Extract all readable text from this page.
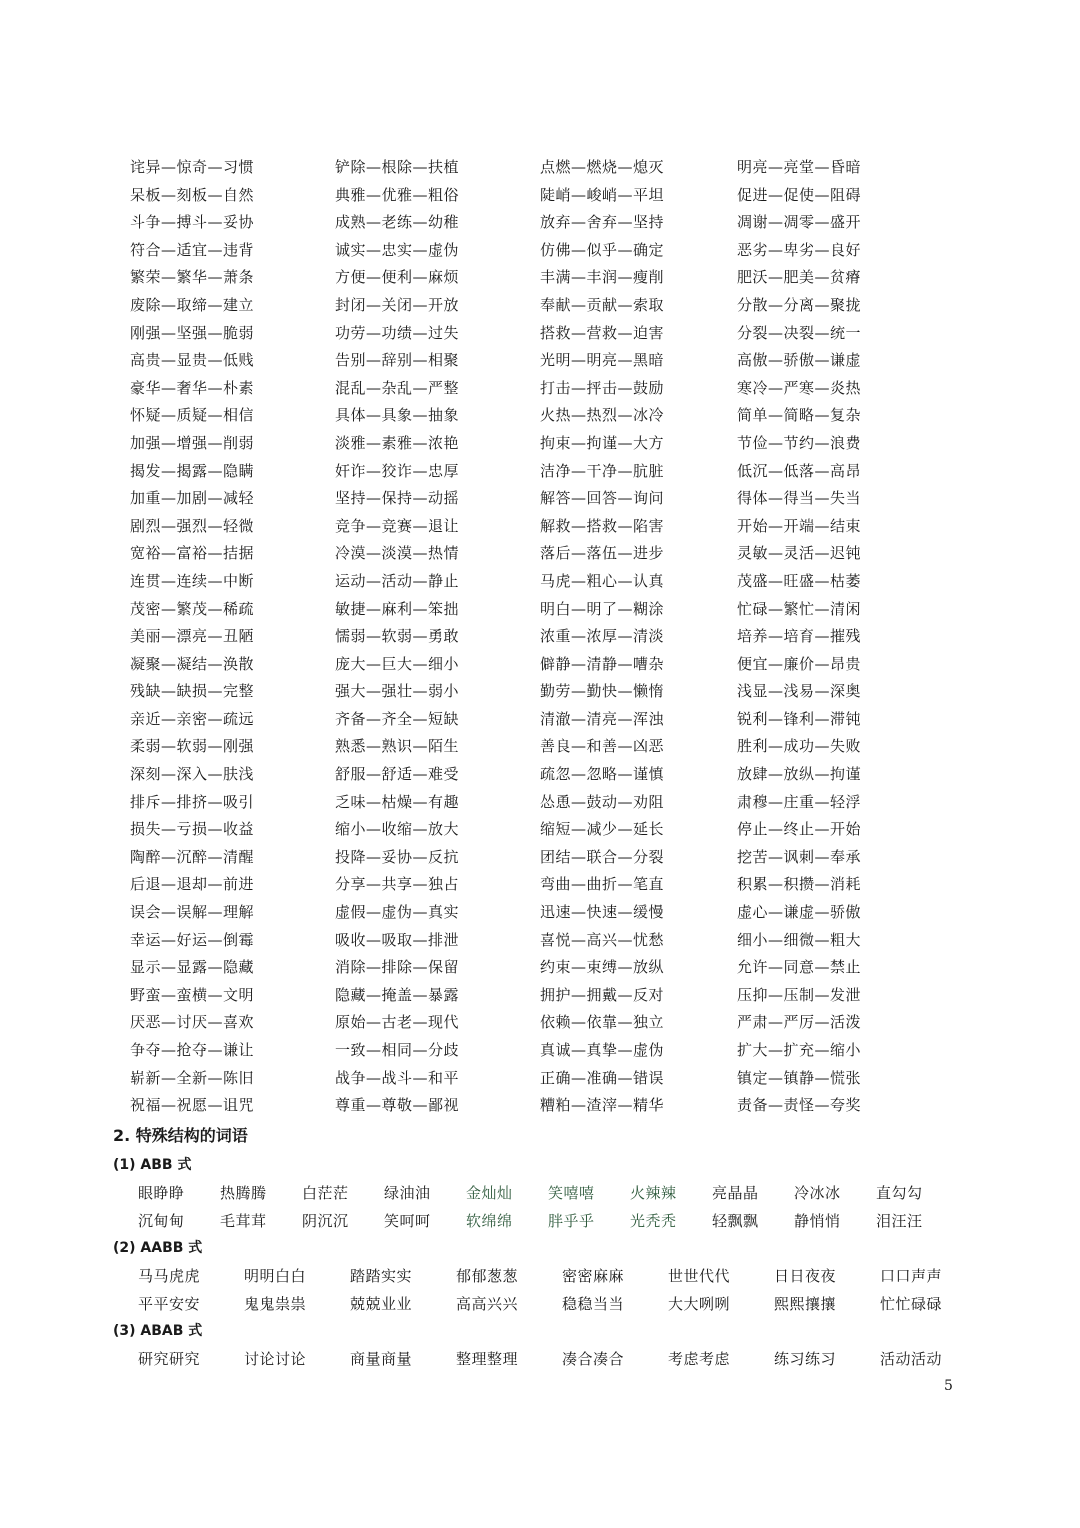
诧异—惊奇—习惯	铲除—根除—扶植	点燃—燃烧—熄灭	明亮—亮堂—昏暗
呆板—刻板—自然	典雅—优雅—粗俗	陡峭—峻峭—平坦	促进—促使—阻碍
斗争—搏斗—妥协	成熟—老练—幼稚	放弃—舍弃—坚持	凋谢—凋零—盛开
符合—适宜—违背	诚实—忠实—虚伪	仿佛—似乎—确定	恶劣—卑劣—良好
繁荣—繁华—萧条	方便—便利—麻烦	丰满—丰润—瘦削	肥沃—肥美—贫瘠
废除—取缔—建立	封闭—关闭—开放	奉献—贡献—索取	分散—分离—聚拢
刚强—坚强—脆弱	功劳—功绩—过失	搭救—营救—迫害	分裂—决裂—统一
高贵—显贵—低贱	告别—辞别—相聚	光明—明亮—黑暗	高傲—骄傲—谦虚
豪华—奢华—朴素	混乱—杂乱—严整	打击—抨击—鼓励	寒冷—严寒—炎热
怀疑—质疑—相信	具体—具象—抽象	火热—热烈—冰冷	简单—简略—复杂
加强—增强—削弱	淡雅—素雅—浓艳	拘束—拘谨—大方	节俭—节约—浪费
揭发—揭露—隐瞒	奸诈—狡诈—忠厚	洁净—干净—肮脏	低沉—低落—高昂
加重—加剧—减轻	坚持—保持—动摇	解答—回答—询问	得体—得当—失当
剧烈—强烈—轻微	竞争—竞赛—退让	解救—搭救—陷害	开始—开端—结束
宽裕—富裕—拮据	冷漠—淡漠—热情	落后—落伍—进步	灵敏—灵活—迟钝
连贯—连续—中断	运动—活动—静止	马虎—粗心—认真	茂盛—旺盛—枯萎
茂密—繁茂—稀疏	敏捷—麻利—笨拙	明白—明了—糊涂	忙碌—繁忙—清闲
美丽—漂亮—丑陋	懦弱—软弱—勇敢	浓重—浓厚—清淡	培养—培育—摧残
凝聚—凝结—涣散	庞大—巨大—细小	僻静—清静—嘈杂	便宜—廉价—昂贵
残缺—缺损—完整	强大—强壮—弱小	勤劳—勤快—懒惰	浅显—浅易—深奥
亲近—亲密—疏远	齐备—齐全—短缺	清澈—清亮—浑浊	锐利—锋利—滞钝
柔弱—软弱—刚强	熟悉—熟识—陌生	善良—和善—凶恶	胜利—成功—失败
深刻—深入—肤浅	舒服—舒适—难受	疏忽—忽略—谨慎	放肆—放纵—拘谨
排斥—排挤—吸引	乏味—枯燥—有趣	怂恿—鼓动—劝阻	肃穆—庄重—轻浮
损失—亏损—收益	缩小—收缩—放大	缩短—减少—延长	停止—终止—开始
陶醉—沉醉—清醒	投降—妥协—反抗	团结—联合—分裂	挖苦—讽刺—奉承
后退—退却—前进	分享—共享—独占	弯曲—曲折—笔直	积累—积攒—消耗
误会—误解—理解	虚假—虚伪—真实	迅速—快速—缓慢	虚心—谦虚—骄傲
幸运—好运—倒霉	吸收—吸取—排泄	喜悦—高兴—忧愁	细小—细微—粗大
显示—显露—隐藏	消除—排除—保留	约束—束缚—放纵	允许—同意—禁止
野蛮—蛮横—文明	隐藏—掩盖—暴露	拥护—拥戴—反对	压抑—压制—发泄
厌恶—讨厌—喜欢	原始—古老—现代	依赖—依靠—独立	严肃—严厉—活泼
争夺—抢夺—谦让	一致—相同—分歧	真诚—真挚—虚伪	扩大—扩充—缩小
崭新—全新—陈旧	战争—战斗—和平	正确—准确—错误	镇定—镇静—慌张
祝福—祝愿—诅咒	尊重—尊敬—鄙视	糟粕—渣滓—精华	责备—责怪—夸奖
2. 特殊结构的词语
(1) ABB 式
眼睁睁 热腾腾 白茫茫 绿油油 金灿灿 笑嘻嘻 火辣辣 亮晶晶 冷冰冰 直勾勾
沉甸甸 毛茸茸 阴沉沉 笑呵呵 软绵绵 胖乎乎 光秃秃 轻飘飘 静悄悄 泪汪汪
(2) AABB 式
马马虎虎	明明白白	踏踏实实	郁郁葱葱	密密麻麻	世世代代	日日夜夜	口口声声
平平安安	鬼鬼祟祟	兢兢业业	高高兴兴	稳稳当当	大大咧咧	熙熙攘攘	忙忙碌碌
(3) ABAB 式
研究研究	讨论讨论	商量商量	整理整理	凑合凑合	考虑考虑	练习练习	活动活动
5
